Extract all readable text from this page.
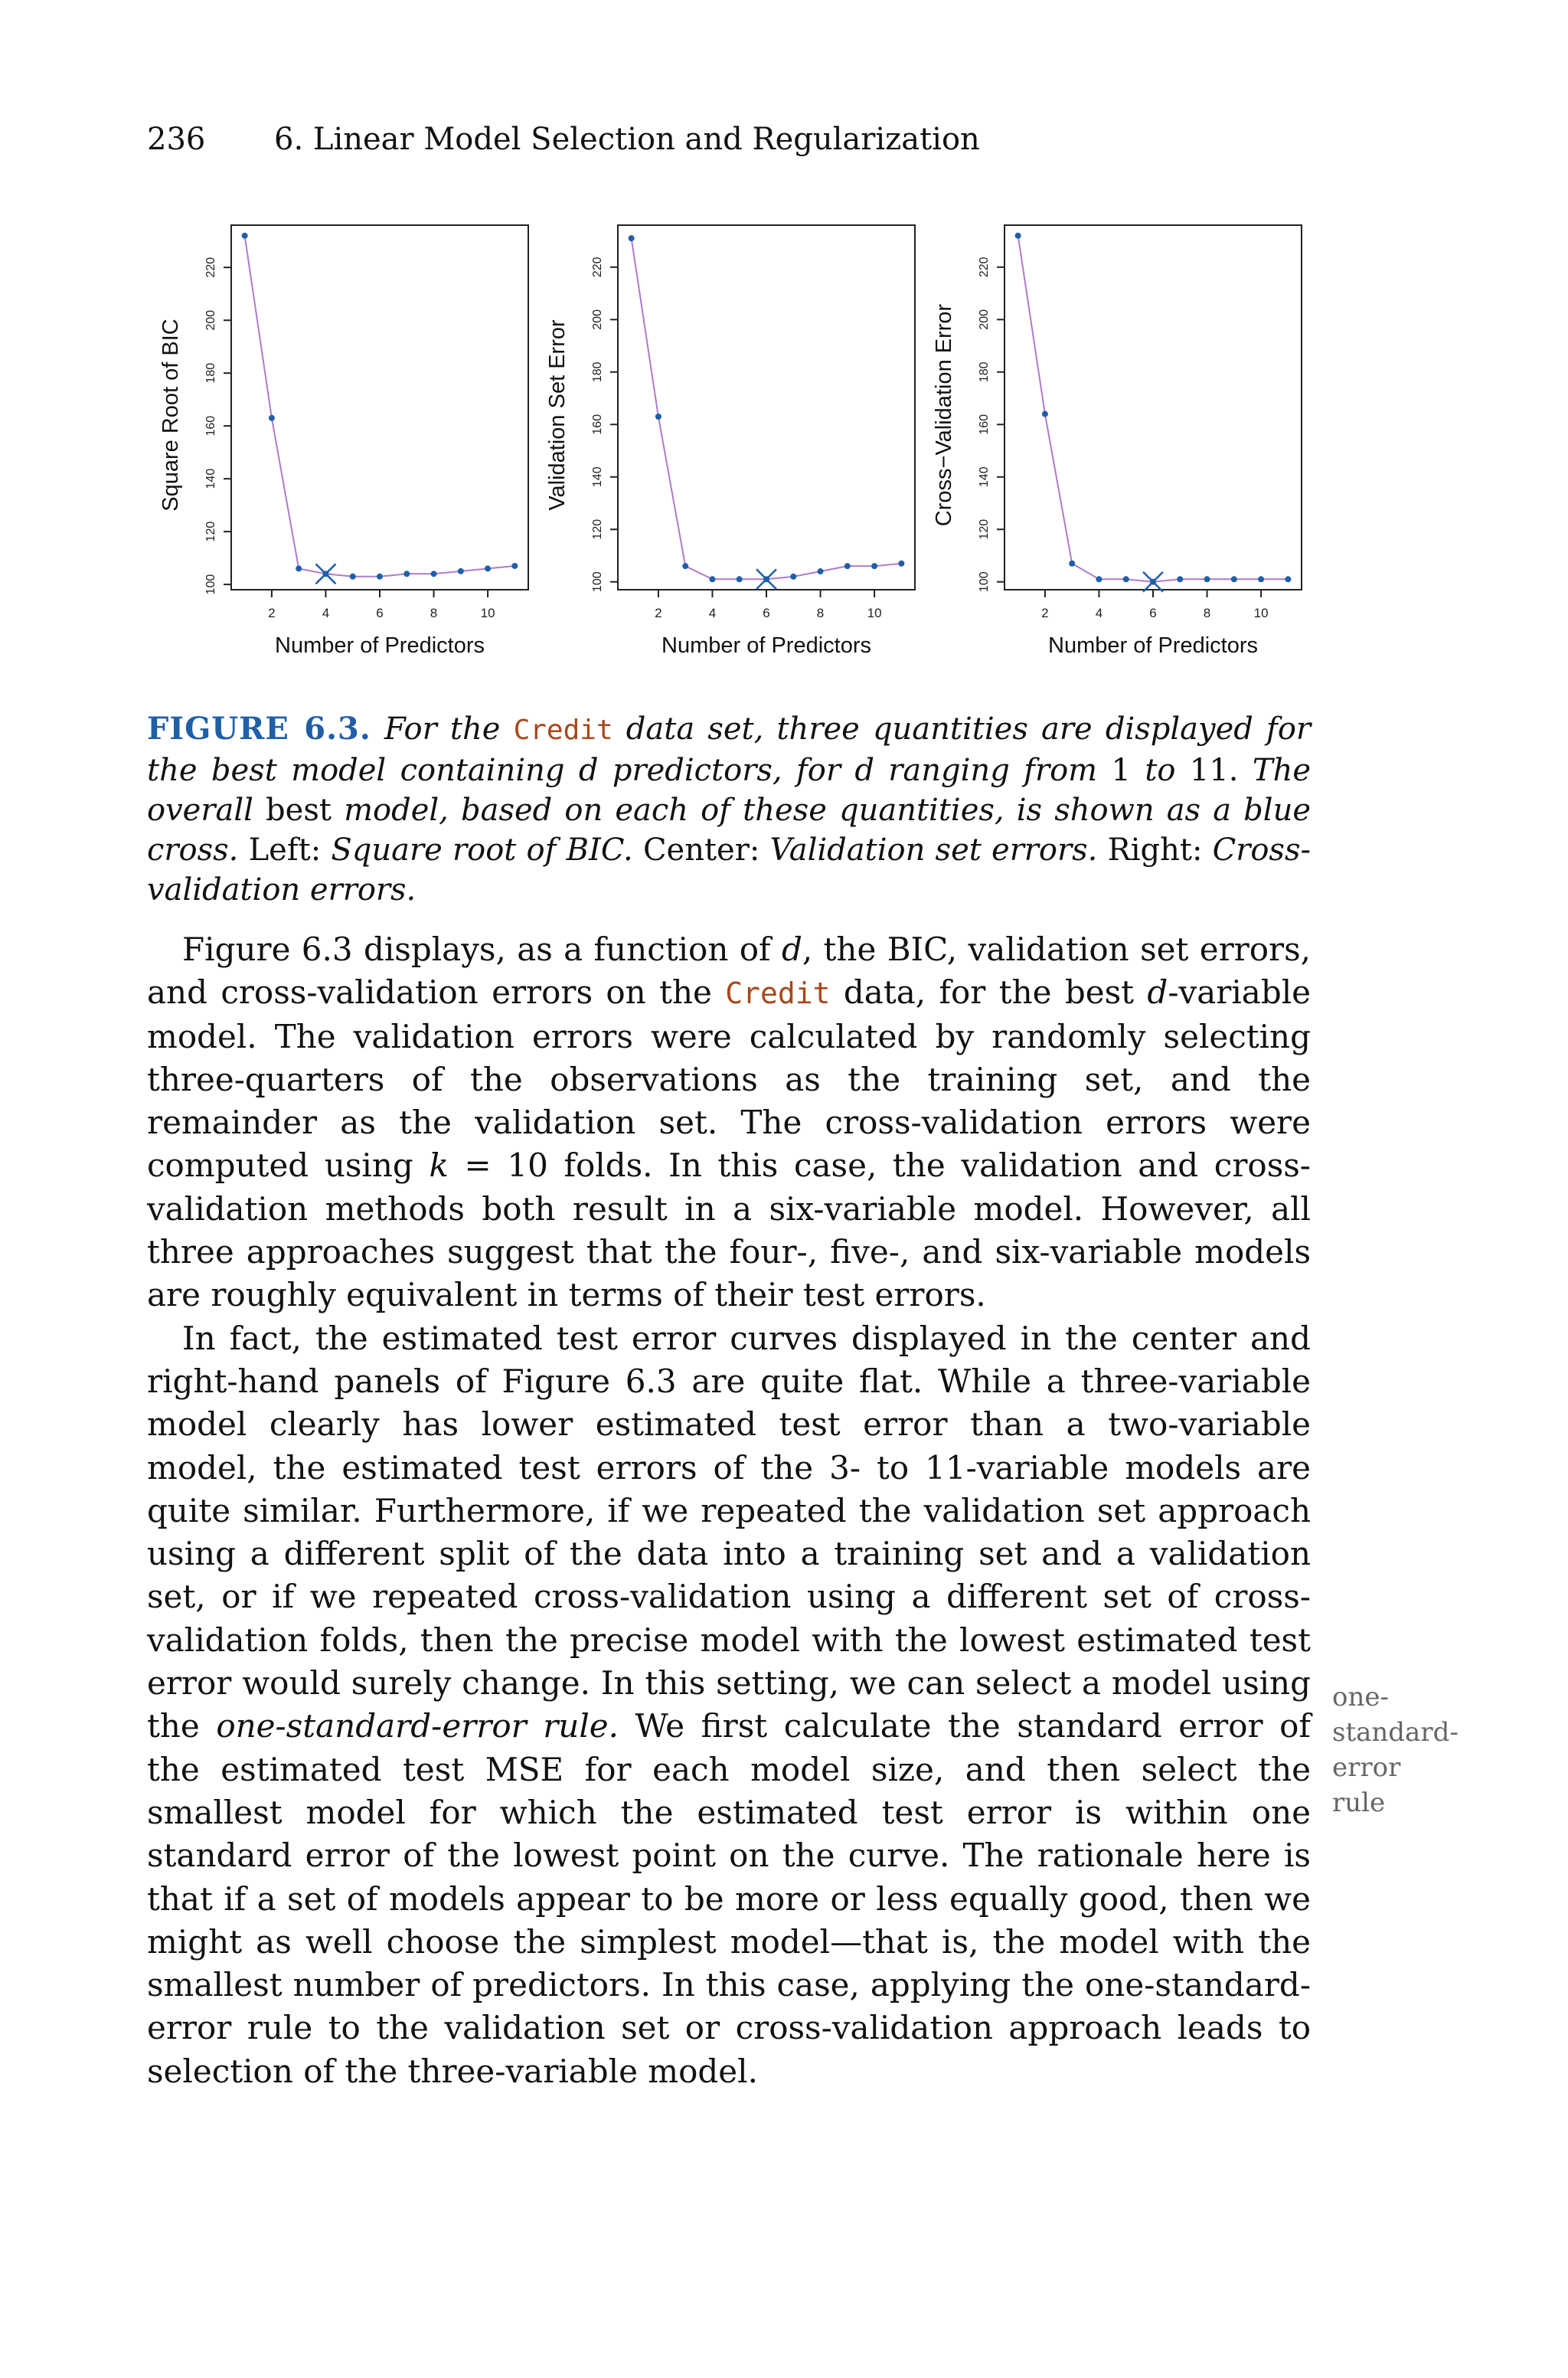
236 6. Linear Model Selection and Regularization
100
120
140
160
180
200
220
2	4	6	8	10
Number of Predictors
Square Root of BIC
100
120
140
160
180
200
220
2	4	6	8	10
Number of Predictors
Validation Set Error
100
120
140
160
180
200
220
2	4	6	8	10
Number of Predictors
Cross−Validation Error
FIGURE 6.3. For the Credit data set, three quantities are displayed for the best model containing d predictors, for d ranging from 1 to 11. The overall best model, based on each of these quantities, is shown as a blue cross. Left: Square root of BIC. Center: Validation set errors. Right: Cross-validation errors.

Figure 6.3 displays, as a function of d, the BIC, validation set errors, and cross-validation errors on the Credit data, for the best d-variable model. The validation errors were calculated by randomly selecting three-quarters of the observations as the training set, and the remainder as the validation set. The cross-validation errors were computed using k = 10 folds. In this case, the validation and cross-validation methods both result in a six-variable model. However, all three approaches suggest that the four-, five-, and six-variable models are roughly equivalent in terms of their test errors.

In fact, the estimated test error curves displayed in the center and right-hand panels of Figure 6.3 are quite flat. While a three-variable model clearly has lower estimated test error than a two-variable model, the estimated test errors of the 3- to 11-variable models are quite similar. Furthermore, if we repeated the validation set approach using a different split of the data into a training set and a validation set, or if we repeated cross-validation using a different set of cross-validation folds, then the precise model with the lowest estimated test error would surely change. In this setting, we can select a model using the one-standard-error rule. We first calculate the standard error of the estimated test MSE for each model size, and then select the smallest model for which the estimated test error is within one standard error of the lowest point on the curve. The rationale here is that if a set of models appear to be more or less equally good, then we might as well choose the simplest model—that is, the model with the smallest number of predictors. In this case, applying the one-standard-error rule to the validation set or cross-validation approach leads to selection of the three-variable model.

one-
standard-
error
rule
